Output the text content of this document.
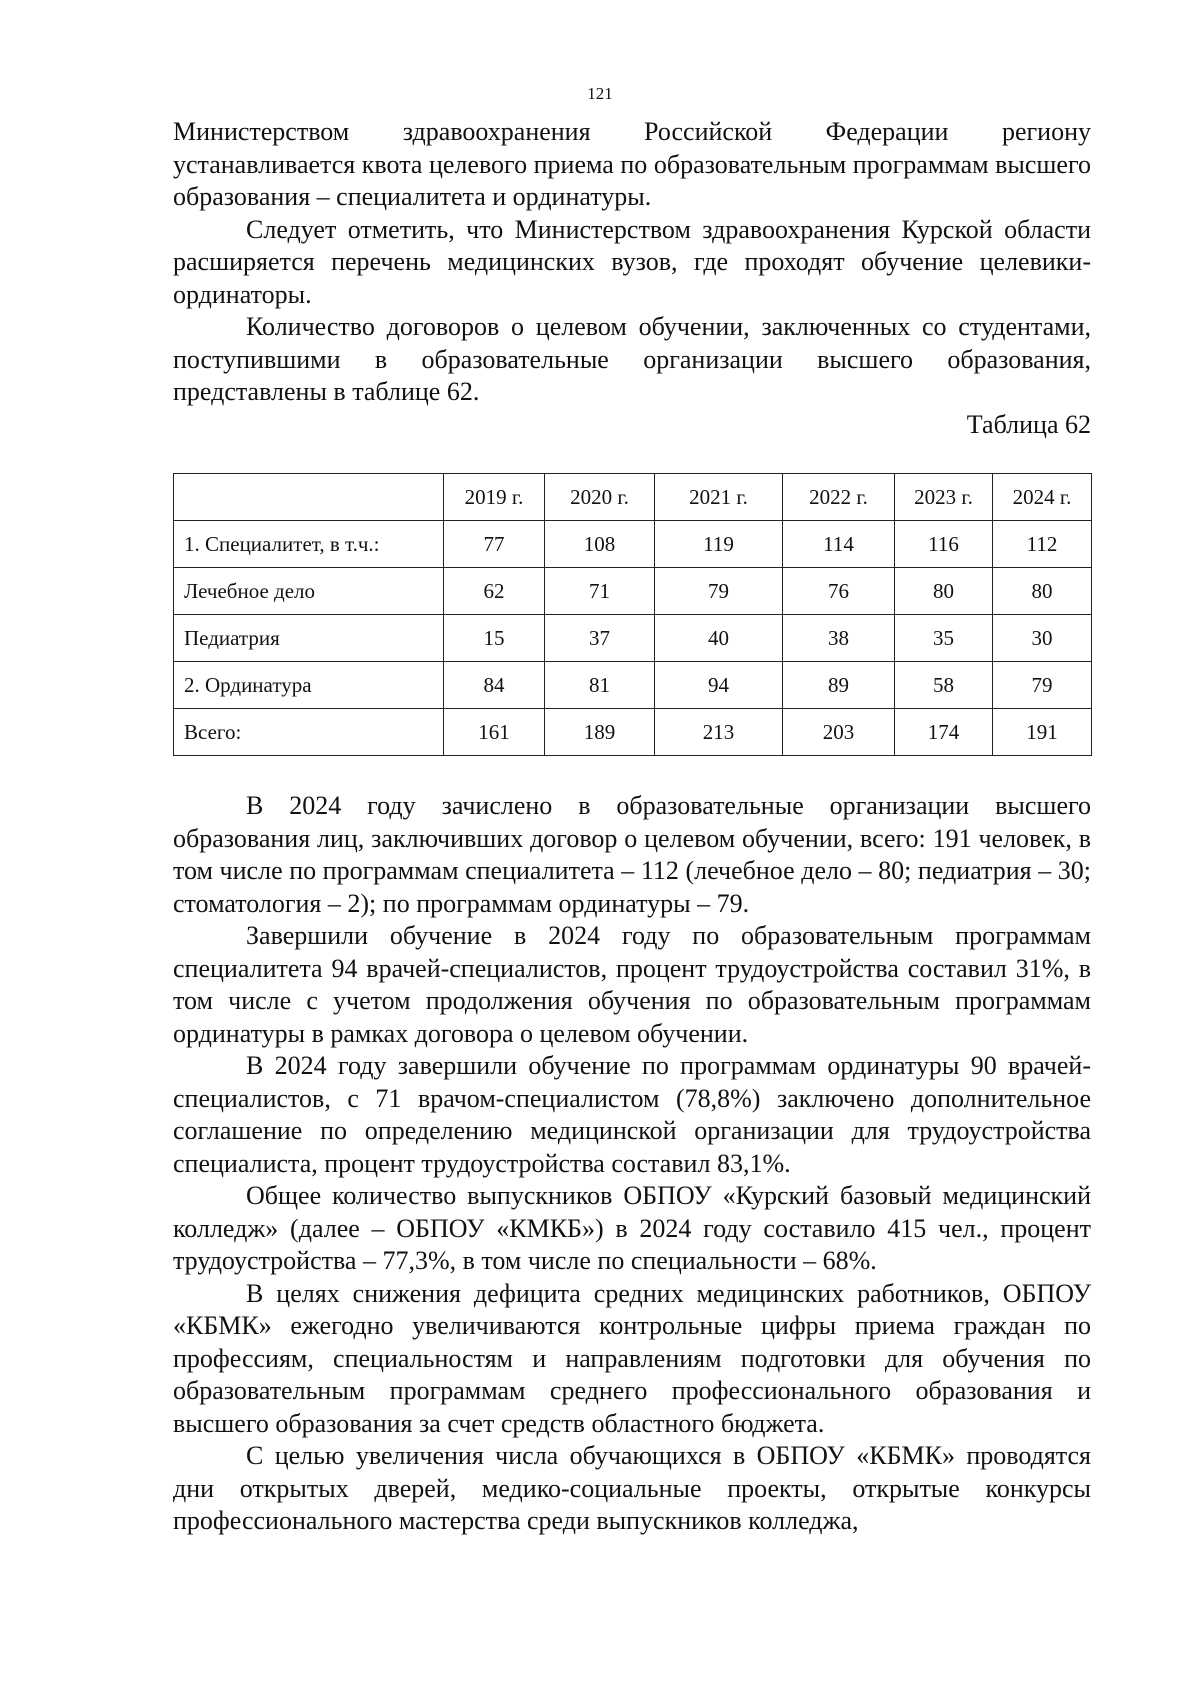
121

Министерством здравоохранения Российской Федерации региону устанавливается квота целевого приема по образовательным программам высшего образования – специалитета и ординатуры.

Следует отметить, что Министерством здравоохранения Курской области расширяется перечень медицинских вузов, где проходят обучение целевики-ординаторы.

Количество договоров о целевом обучении, заключенных со студентами, поступившими в образовательные организации высшего образования, представлены в таблице 62.

Таблица 62

	2019 г.	2020 г.	2021 г.	2022 г.	2023 г.	2024 г.
1. Специалитет, в т.ч.:	77	108	119	114	116	112
Лечебное дело	62	71	79	76	80	80
Педиатрия	15	37	40	38	35	30
2. Ординатура	84	81	94	89	58	79
Всего:	161	189	213	203	174	191

В 2024 году зачислено в образовательные организации высшего образования лиц, заключивших договор о целевом обучении, всего: 191 человек, в том числе по программам специалитета – 112 (лечебное дело – 80; педиатрия – 30; стоматология – 2); по программам ординатуры – 79.

Завершили обучение в 2024 году по образовательным программам специалитета 94 врачей-специалистов, процент трудоустройства составил 31%, в том числе с учетом продолжения обучения по образовательным программам ординатуры в рамках договора о целевом обучении.

В 2024 году завершили обучение по программам ординатуры 90 врачей-специалистов, с 71 врачом-специалистом (78,8%) заключено дополнительное соглашение по определению медицинской организации для трудоустройства специалиста, процент трудоустройства составил 83,1%.

Общее количество выпускников ОБПОУ «Курский базовый медицинский колледж» (далее – ОБПОУ «КМКБ») в 2024 году составило 415 чел., процент трудоустройства – 77,3%, в том числе по специальности – 68%.

В целях снижения дефицита средних медицинских работников, ОБПОУ «КБМК» ежегодно увеличиваются контрольные цифры приема граждан по профессиям, специальностям и направлениям подготовки для обучения по образовательным программам среднего профессионального образования и высшего образования за счет средств областного бюджета.

С целью увеличения числа обучающихся в ОБПОУ «КБМК» проводятся дни открытых дверей, медико-социальные проекты, открытые конкурсы профессионального мастерства среди выпускников колледжа,
